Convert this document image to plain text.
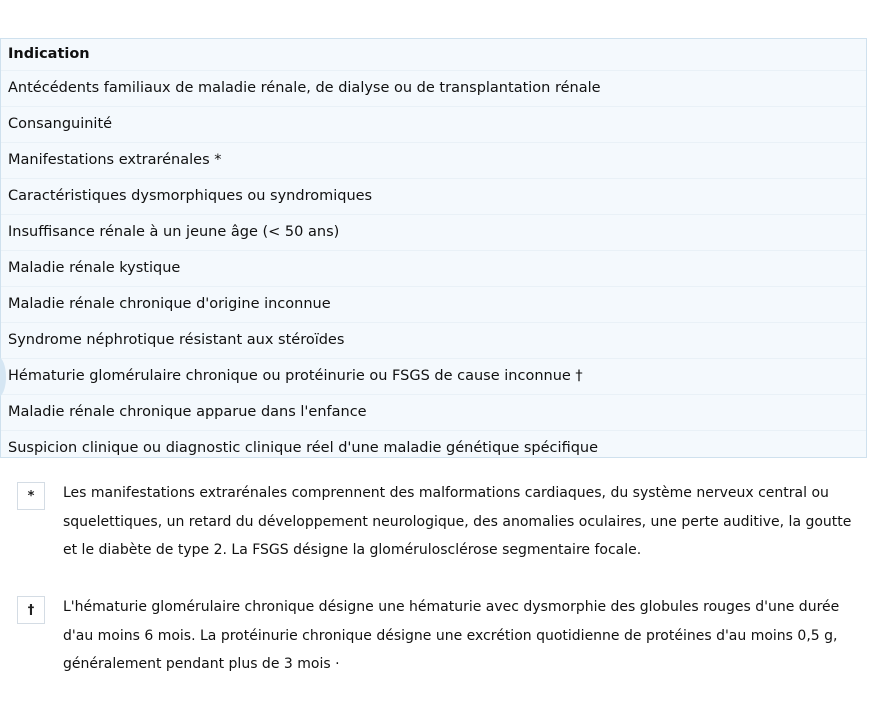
Indication
Antécédents familiaux de maladie rénale, de dialyse ou de transplantation rénale
Consanguinité
Manifestations extrarénales *
Caractéristiques dysmorphiques ou syndromiques
Insuffisance rénale à un jeune âge (< 50 ans)
Maladie rénale kystique
Maladie rénale chronique d'origine inconnue
Syndrome néphrotique résistant aux stéroïdes
Hématurie glomérulaire chronique ou protéinurie ou FSGS de cause inconnue †
Maladie rénale chronique apparue dans l'enfance
Suspicion clinique ou diagnostic clinique réel d'une maladie génétique spécifique
*	Les manifestations extrarénales comprennent des malformations cardiaques, du système nerveux central ou squelettiques, un retard du développement neurologique, des anomalies oculaires, une perte auditive, la goutte et le diabète de type 2. La FSGS désigne la glomérulosclérose segmentaire focale.
†	L'hématurie glomérulaire chronique désigne une hématurie avec dysmorphie des globules rouges d'une durée d'au moins 6 mois. La protéinurie chronique désigne une excrétion quotidienne de protéines d'au moins 0,5 g, généralement pendant plus de 3 mois ·
